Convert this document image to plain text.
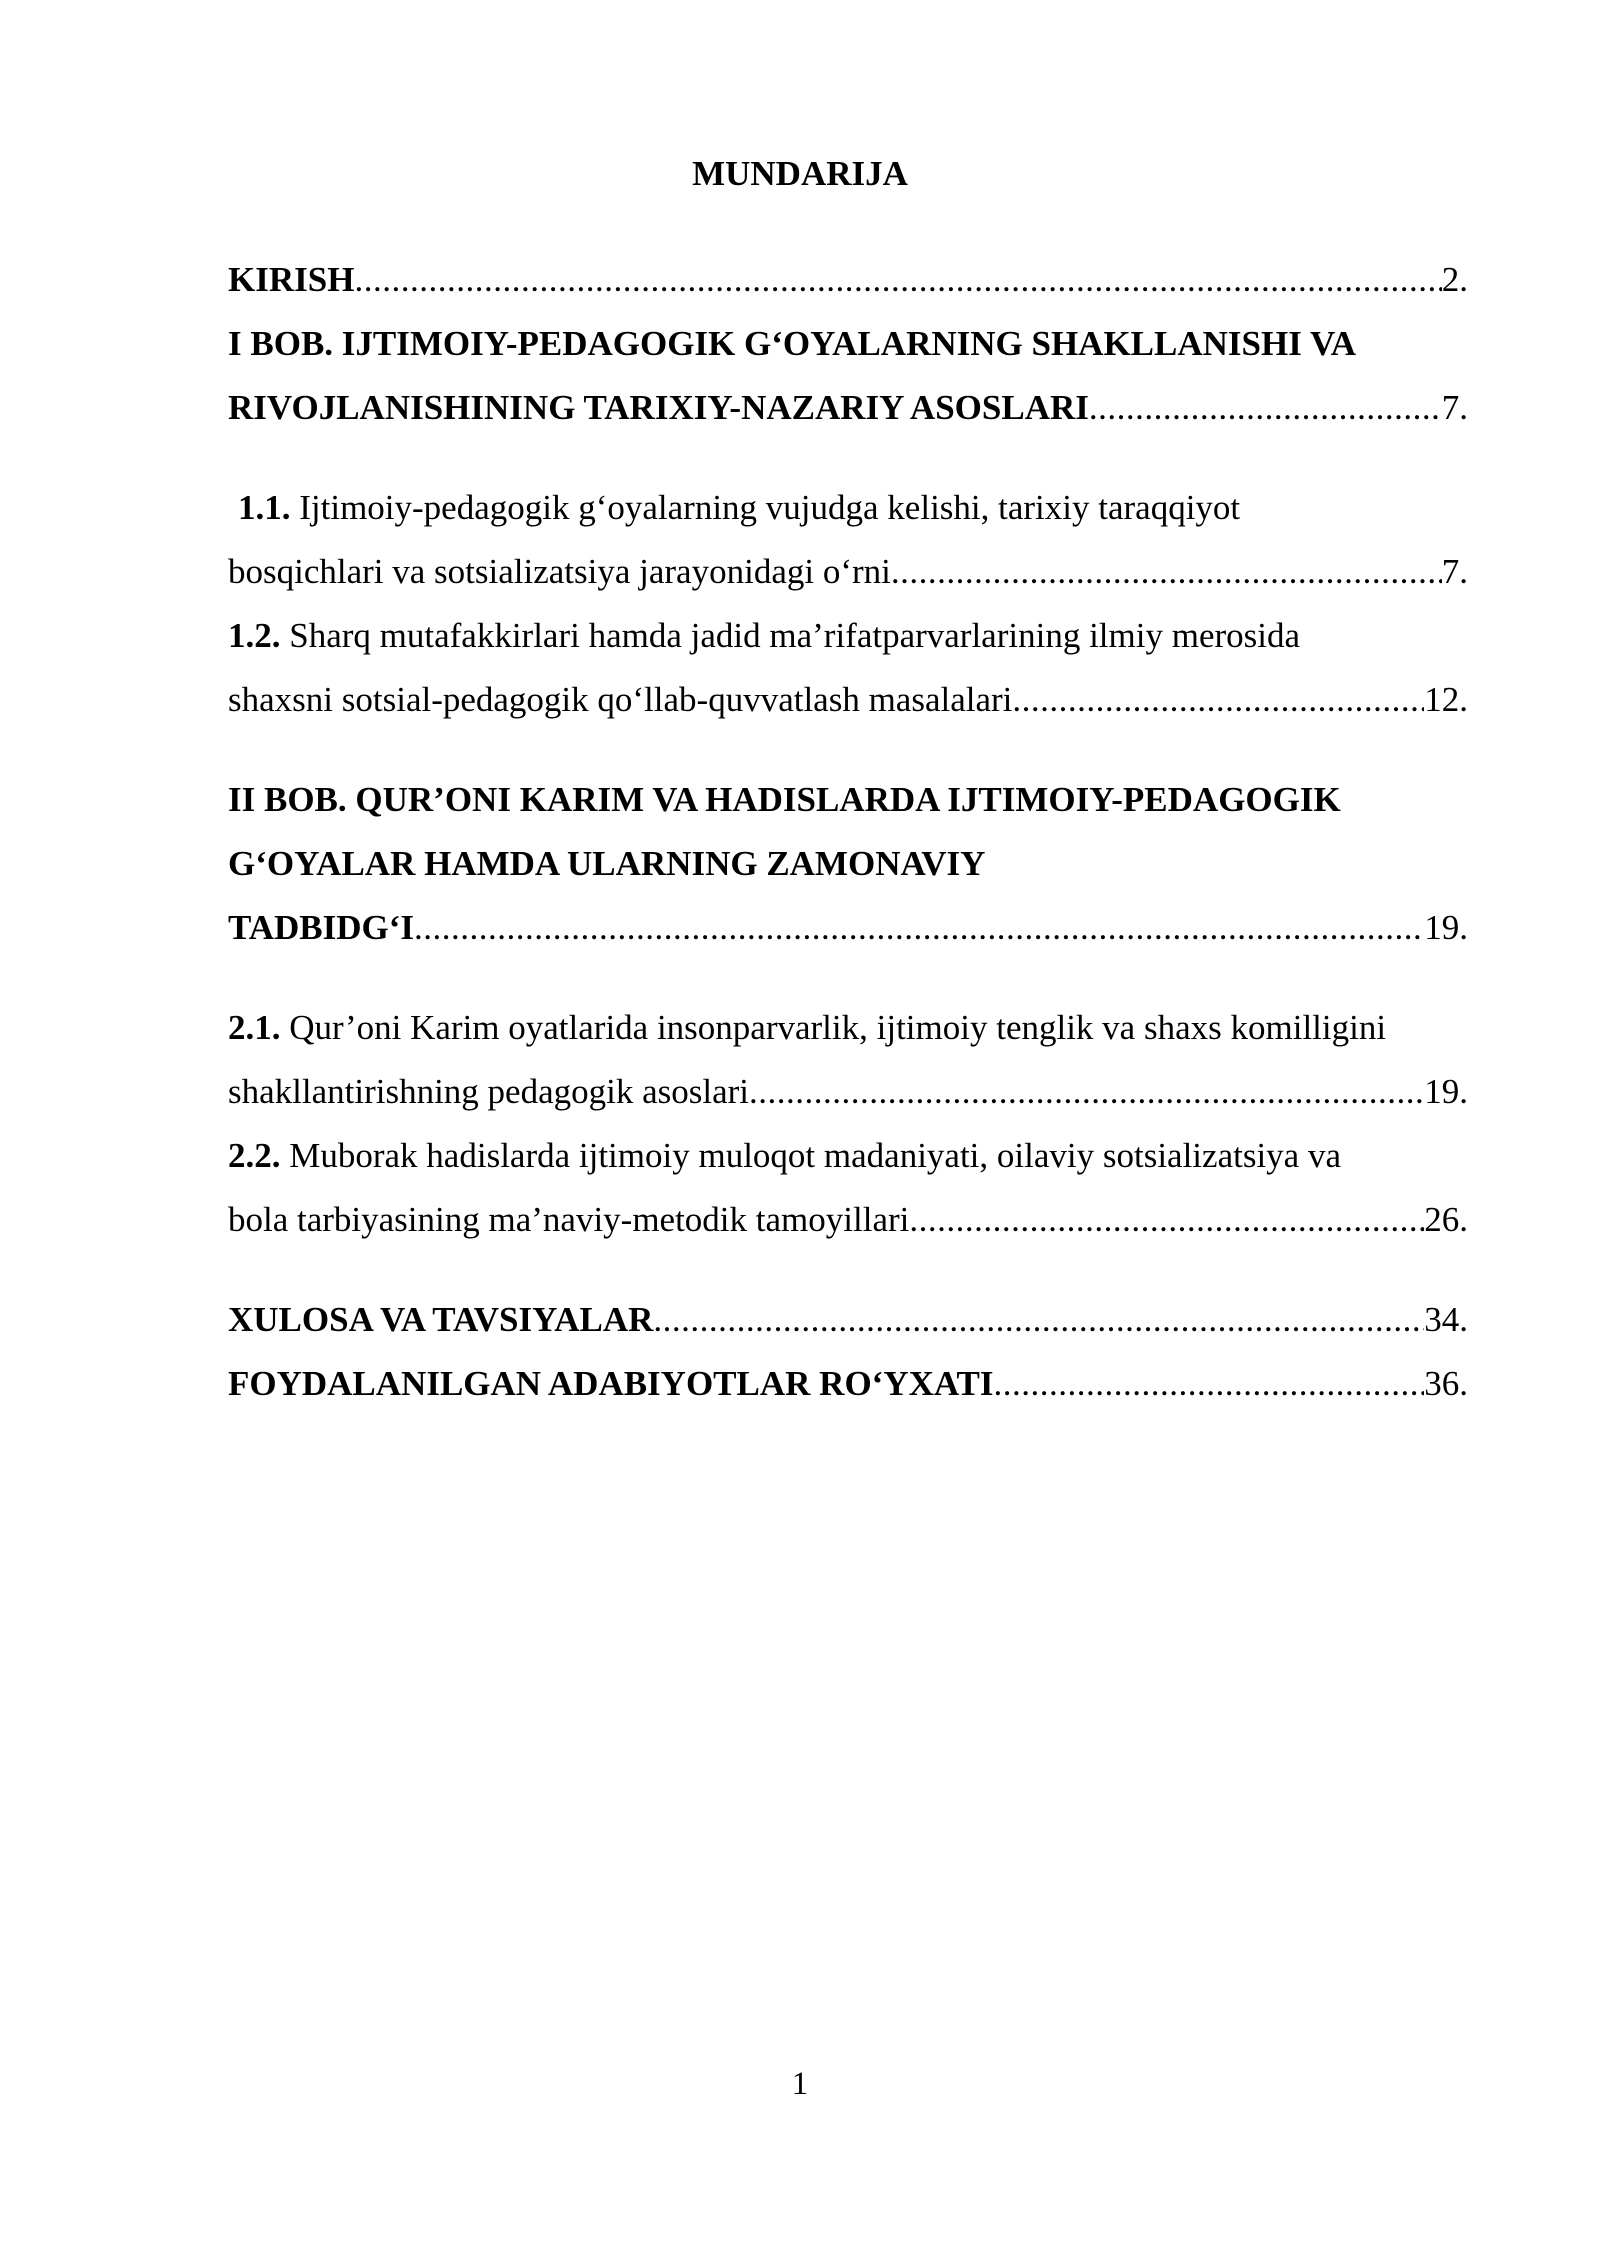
MUNDARIJA
KIRISH .....	2.
I BOB. IJTIMOIY-PEDAGOGIK G‘OYALARNING SHAKLLANISHI VA
RIVOJLANISHINING TARIXIY-NAZARIY ASOSLARI .....	7.
1.1. Ijtimoiy-pedagogik g‘oyalarning vujudga kelishi, tarixiy taraqqiyot
bosqichlari va sotsializatsiya jarayonidagi o‘rni .....	7.
1.2. Sharq mutafakkirlari hamda jadid ma’rifatparvarlarining ilmiy merosida
shaxsni sotsial-pedagogik qo‘llab-quvvatlash masalalari .....	12.
II BOB. QUR’ONI KARIM VA HADISLARDA IJTIMOIY-PEDAGOGIK
G‘OYALAR HAMDA ULARNING ZAMONAVIY
TADBIDG‘I .....	19.
2.1. Qur’oni Karim oyatlarida insonparvarlik, ijtimoiy tenglik va shaxs komilligini
shakllantirishning pedagogik asoslari .....	19.
2.2. Muborak hadislarda ijtimoiy muloqot madaniyati, oilaviy sotsializatsiya va
bola tarbiyasining ma’naviy-metodik tamoyillari .....	26.
XULOSA VA TAVSIYALAR .....	34.
FOYDALANILGAN ADABIYOTLAR RO‘YXATI .....	36.
1
